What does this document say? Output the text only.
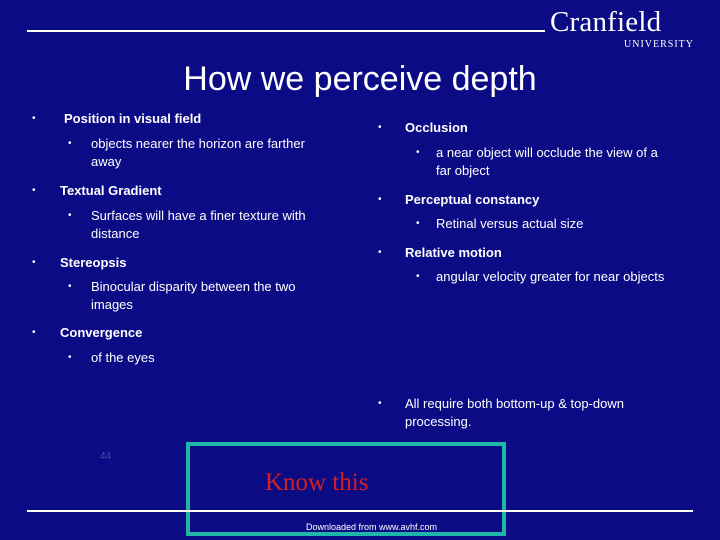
Cranfield
UNIVERSITY
How we perceive depth
• Position in visual field
• objects nearer the horizon are farther
away
• Textual Gradient
• Surfaces will have a finer texture with
distance
• Stereopsis
• Binocular disparity between the two
images
• Convergence
• of the eyes
• Occlusion
• a near object will occlude the view of a
far object
• Perceptual constancy
• Retinal versus actual size
• Relative motion
• angular velocity greater for near objects
• All require both bottom-up & top-down
processing.
44
Know this
Downloaded from www.avhf.com
